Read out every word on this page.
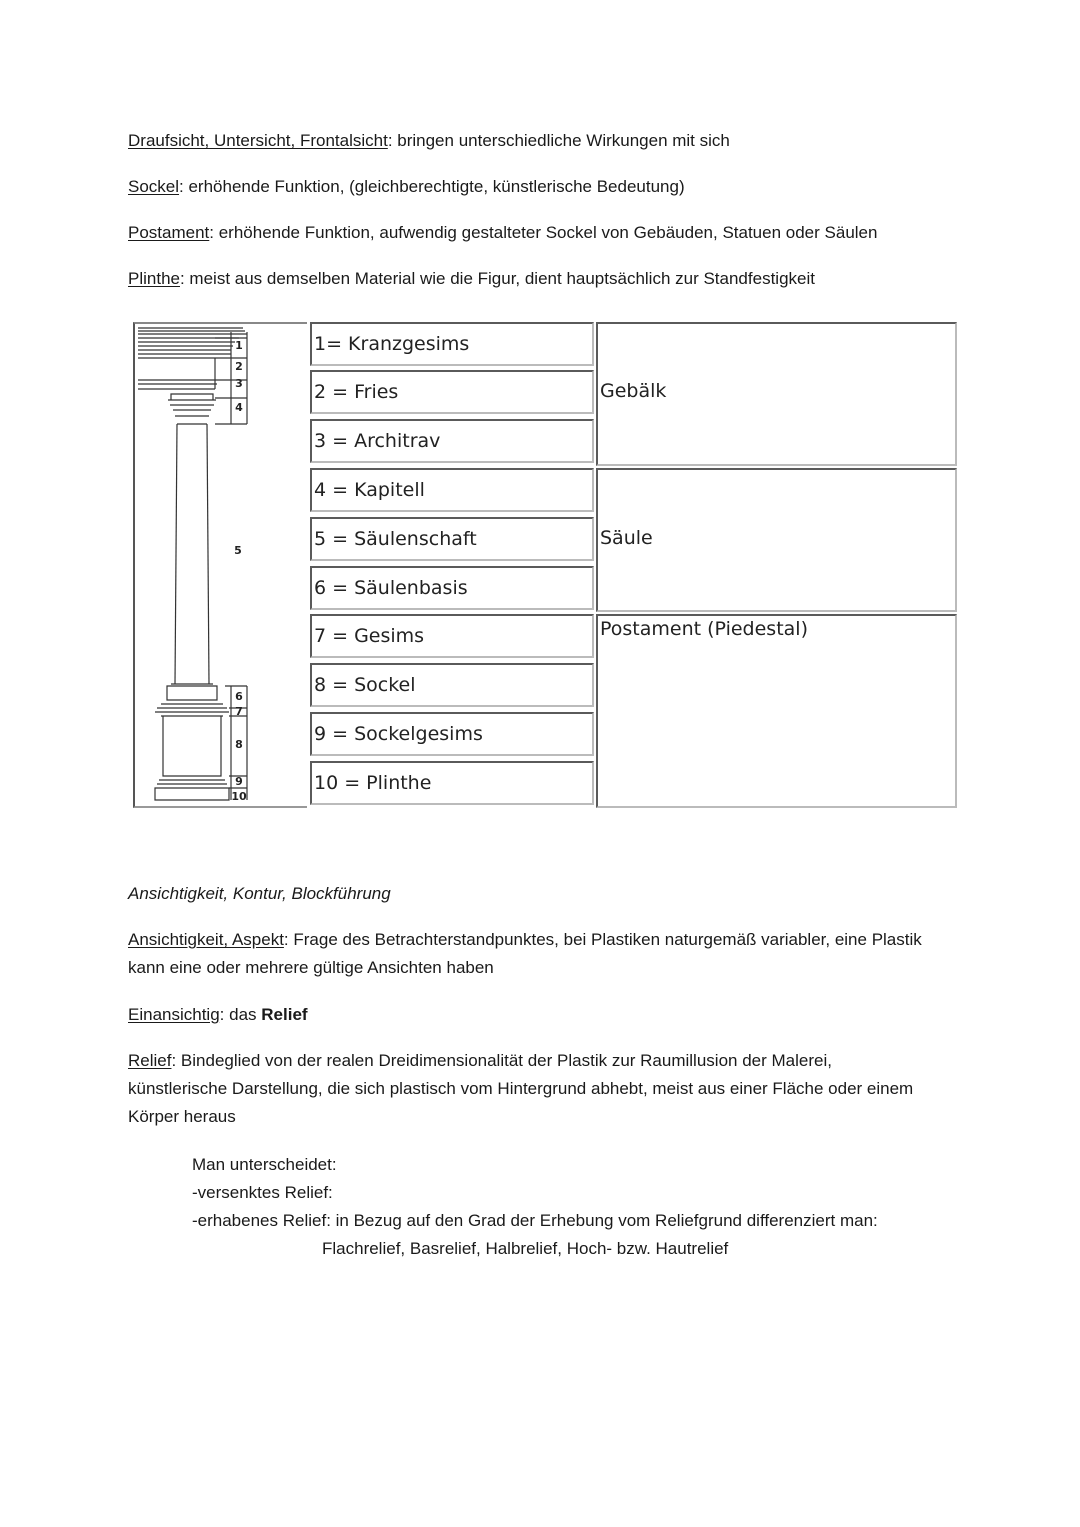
Draufsicht, Untersicht, Frontalsicht: bringen unterschiedliche Wirkungen mit sich

Sockel: erhöhende Funktion, (gleichberechtigte, künstlerische Bedeutung)

Postament: erhöhende Funktion, aufwendig gestalteter Sockel von Gebäuden, Statuen oder Säulen

Plinthe: meist aus demselben Material wie die Figur, dient hauptsächlich zur Standfestigkeit

1
2
3
4
5
6
7
8
9
10
1= Kranzgesims
2 = Fries
3 = Architrav
4 = Kapitell
5 = Säulenschaft
6 = Säulenbasis
7 = Gesims
8 = Sockel
9 = Sockelgesims
10 = Plinthe
Gebälk
Säule
Postament (Piedestal)

Ansichtigkeit, Kontur, Blockführung

Ansichtigkeit, Aspekt: Frage des Betrachterstandpunktes, bei Plastiken naturgemäß variabler, eine Plastik kann eine oder mehrere gültige Ansichten haben

Einansichtig: das Relief

Relief: Bindeglied von der realen Dreidimensionalität der Plastik zur Raumillusion der Malerei, künstlerische Darstellung, die sich plastisch vom Hintergrund abhebt, meist aus einer Fläche oder einem Körper heraus

Man unterscheidet:

-versenktes Relief:

-erhabenes Relief: in Bezug auf den Grad der Erhebung vom Reliefgrund differenziert man:

Flachrelief, Basrelief, Halbrelief, Hoch- bzw. Hautrelief
